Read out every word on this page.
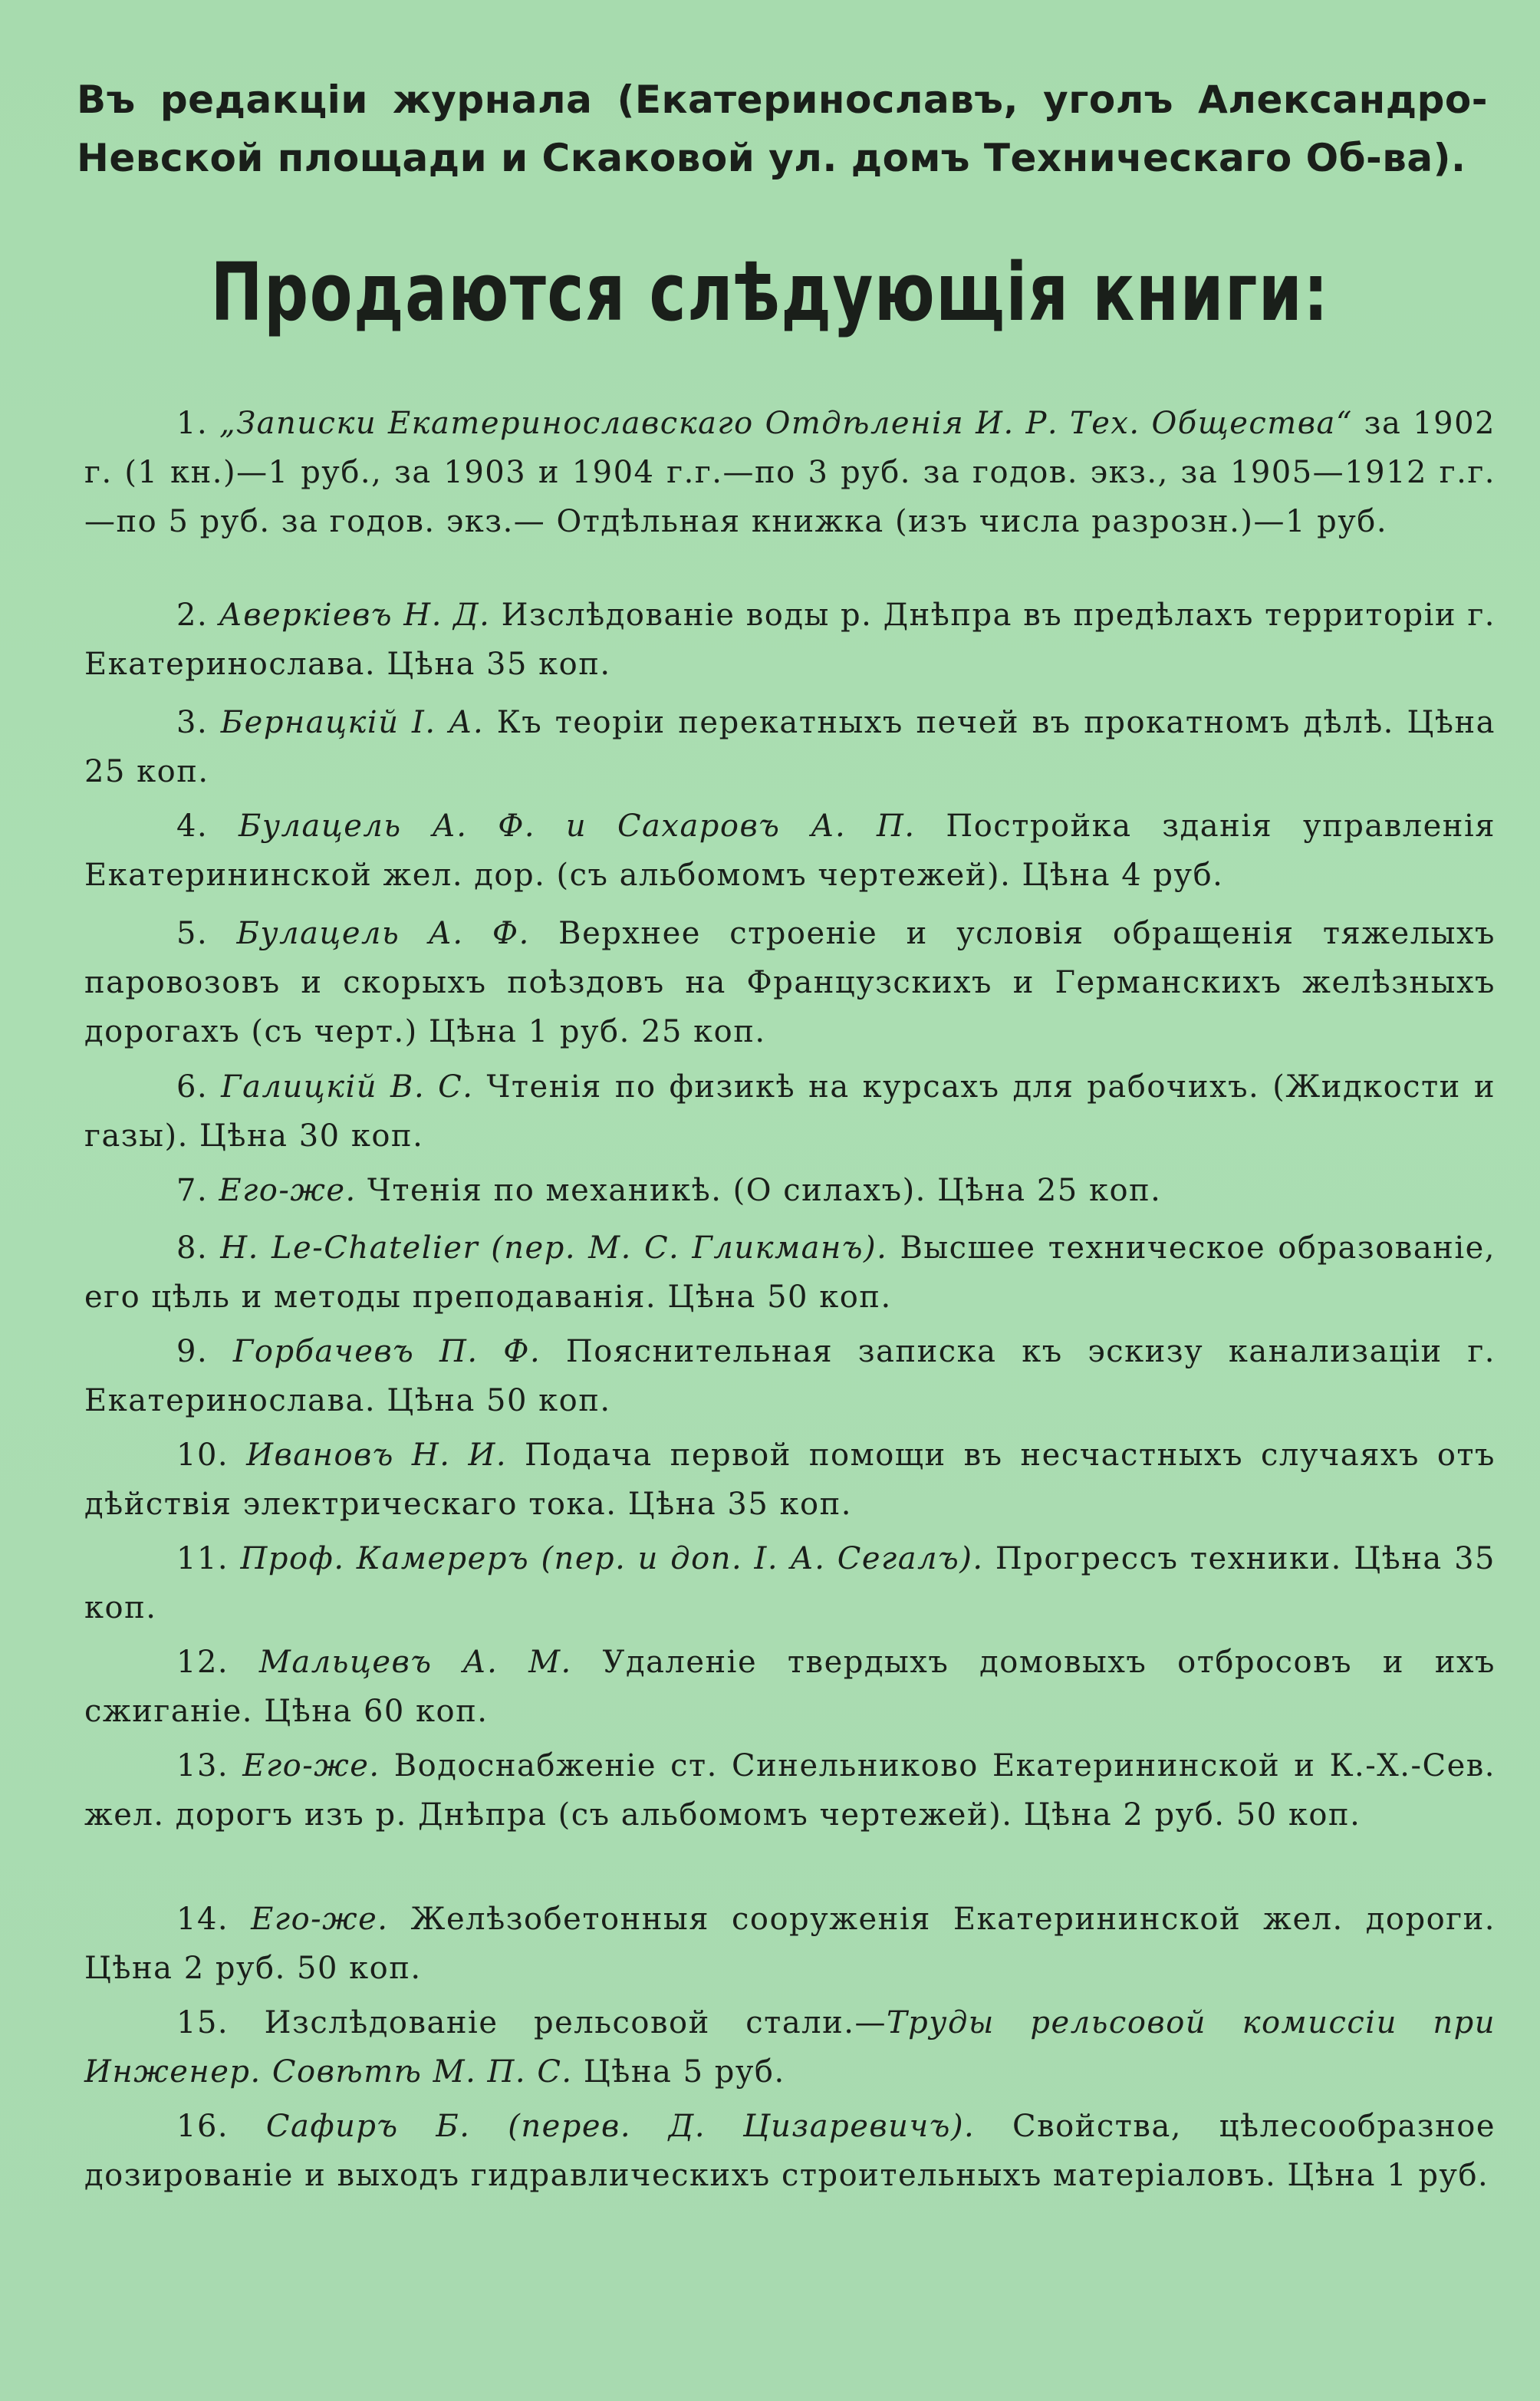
Въ редакціи журнала (Екатеринославъ, уголъ Александро-Невской площади и Скаковой ул. домъ Техническаго Об-ва).
Продаются слѣдующія книги:
1. „Записки Екатеринославскаго Отдѣленія И. Р. Тех. Общества“ за 1902 г. (1 кн.)—1 руб., за 1903 и 1904 г.г.—по 3 руб. за годов. экз., за 1905—1912 г.г.—по 5 руб. за годов. экз.— Отдѣльная книжка (изъ числа разрозн.)—1 руб.
2. Аверкіевъ Н. Д. Изслѣдованіе воды р. Днѣпра въ предѣлахъ территоріи г. Екатеринослава. Цѣна 35 коп.
3. Бернацкій І. А. Къ теоріи перекатныхъ печей въ прокатномъ дѣлѣ. Цѣна 25 коп.
4. Булацель А. Ф. и Сахаровъ А. П. Постройка зданія управленія Екатерининской жел. дор. (съ альбомомъ чертежей). Цѣна 4 руб.
5. Булацель А. Ф. Верхнее строеніе и условія обращенія тяжелыхъ паровозовъ и скорыхъ поѣздовъ на Французскихъ и Германскихъ желѣзныхъ дорогахъ (съ черт.) Цѣна 1 руб. 25 коп.
6. Галицкій В. С. Чтенія по физикѣ на курсахъ для рабочихъ. (Жидкости и газы). Цѣна 30 коп.
7. Его-же. Чтенія по механикѣ. (О силахъ). Цѣна 25 коп.
8. Н. Le-Chatelier (пер. М. С. Гликманъ). Высшее техническое образованіе, его цѣль и методы преподаванія. Цѣна 50 коп.
9. Горбачевъ П. Ф. Пояснительная записка къ эскизу канализаціи г. Екатеринослава. Цѣна 50 коп.
10. Ивановъ Н. И. Подача первой помощи въ несчастныхъ случаяхъ отъ дѣйствія электрическаго тока. Цѣна 35 коп.
11. Проф. Камереръ (пер. и доп. І. А. Сегалъ). Прогрессъ техники. Цѣна 35 коп.
12. Мальцевъ А. М. Удаленіе твердыхъ домовыхъ отбросовъ и ихъ сжиганіе. Цѣна 60 коп.
13. Его-же. Водоснабженіе ст. Синельниково Екатерининской и К.-Х.-Сев. жел. дорогъ изъ р. Днѣпра (съ альбомомъ чертежей). Цѣна 2 руб. 50 коп.
14. Его-же. Желѣзобетонныя сооруженія Екатерининской жел. дороги. Цѣна 2 руб. 50 коп.
15. Изслѣдованіе рельсовой стали.—Труды рельсовой комиссіи при Инженер. Совѣтѣ М. П. С. Цѣна 5 руб.
16. Сафиръ Б. (перев. Д. Цизаревичъ). Свойства, цѣлесообразное дозированіе и выходъ гидравлическихъ строительныхъ матеріаловъ. Цѣна 1 руб.
